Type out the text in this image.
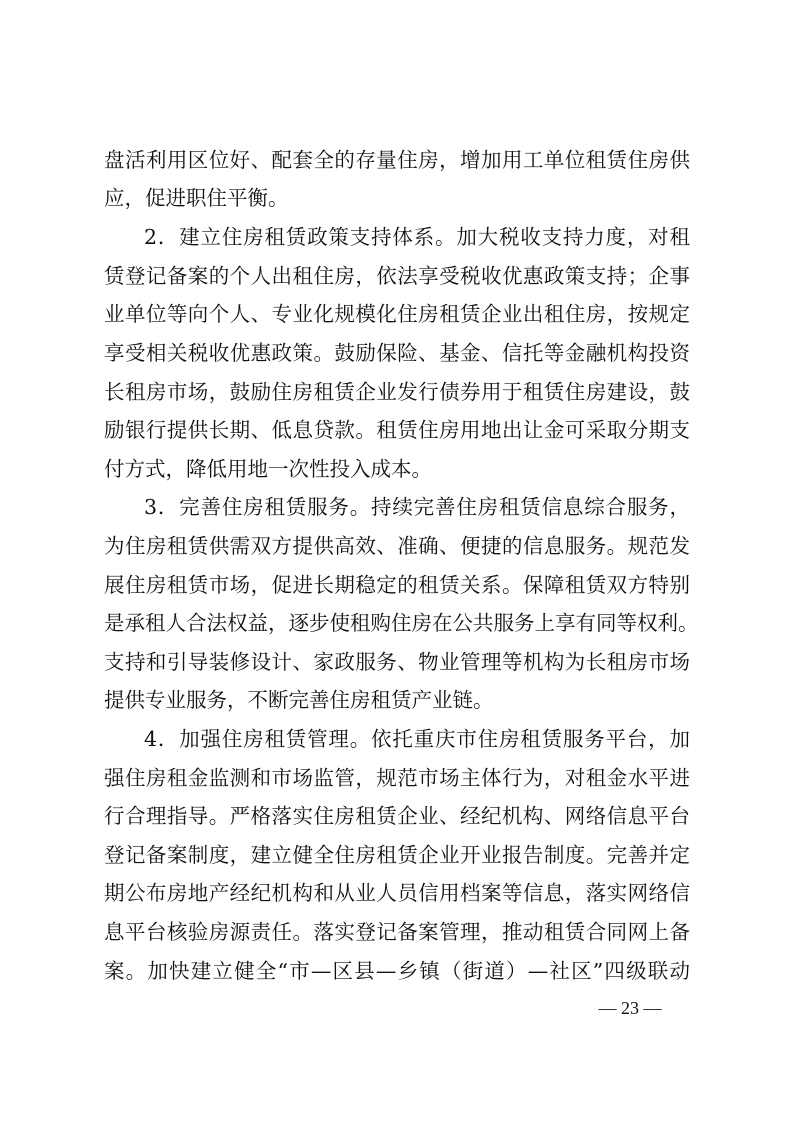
盘活利用区位好、配套全的存量住房，增加用工单位租赁住房供
应，促进职住平衡。
2．建立住房租赁政策支持体系。加大税收支持力度，对租
赁登记备案的个人出租住房，依法享受税收优惠政策支持；企事
业单位等向个人、专业化规模化住房租赁企业出租住房，按规定
享受相关税收优惠政策。鼓励保险、基金、信托等金融机构投资
长租房市场，鼓励住房租赁企业发行债券用于租赁住房建设，鼓
励银行提供长期、低息贷款。租赁住房用地出让金可采取分期支
付方式，降低用地一次性投入成本。
3．完善住房租赁服务。持续完善住房租赁信息综合服务，
为住房租赁供需双方提供高效、准确、便捷的信息服务。规范发
展住房租赁市场，促进长期稳定的租赁关系。保障租赁双方特别
是承租人合法权益，逐步使租购住房在公共服务上享有同等权利。
支持和引导装修设计、家政服务、物业管理等机构为长租房市场
提供专业服务，不断完善住房租赁产业链。
4．加强住房租赁管理。依托重庆市住房租赁服务平台，加
强住房租金监测和市场监管，规范市场主体行为，对租金水平进
行合理指导。严格落实住房租赁企业、经纪机构、网络信息平台
登记备案制度，建立健全住房租赁企业开业报告制度。完善并定
期公布房地产经纪机构和从业人员信用档案等信息，落实网络信
息平台核验房源责任。落实登记备案管理，推动租赁合同网上备
案。加快建立健全“市—区县—乡镇（街道）—社区”四级联动
— 23 —
